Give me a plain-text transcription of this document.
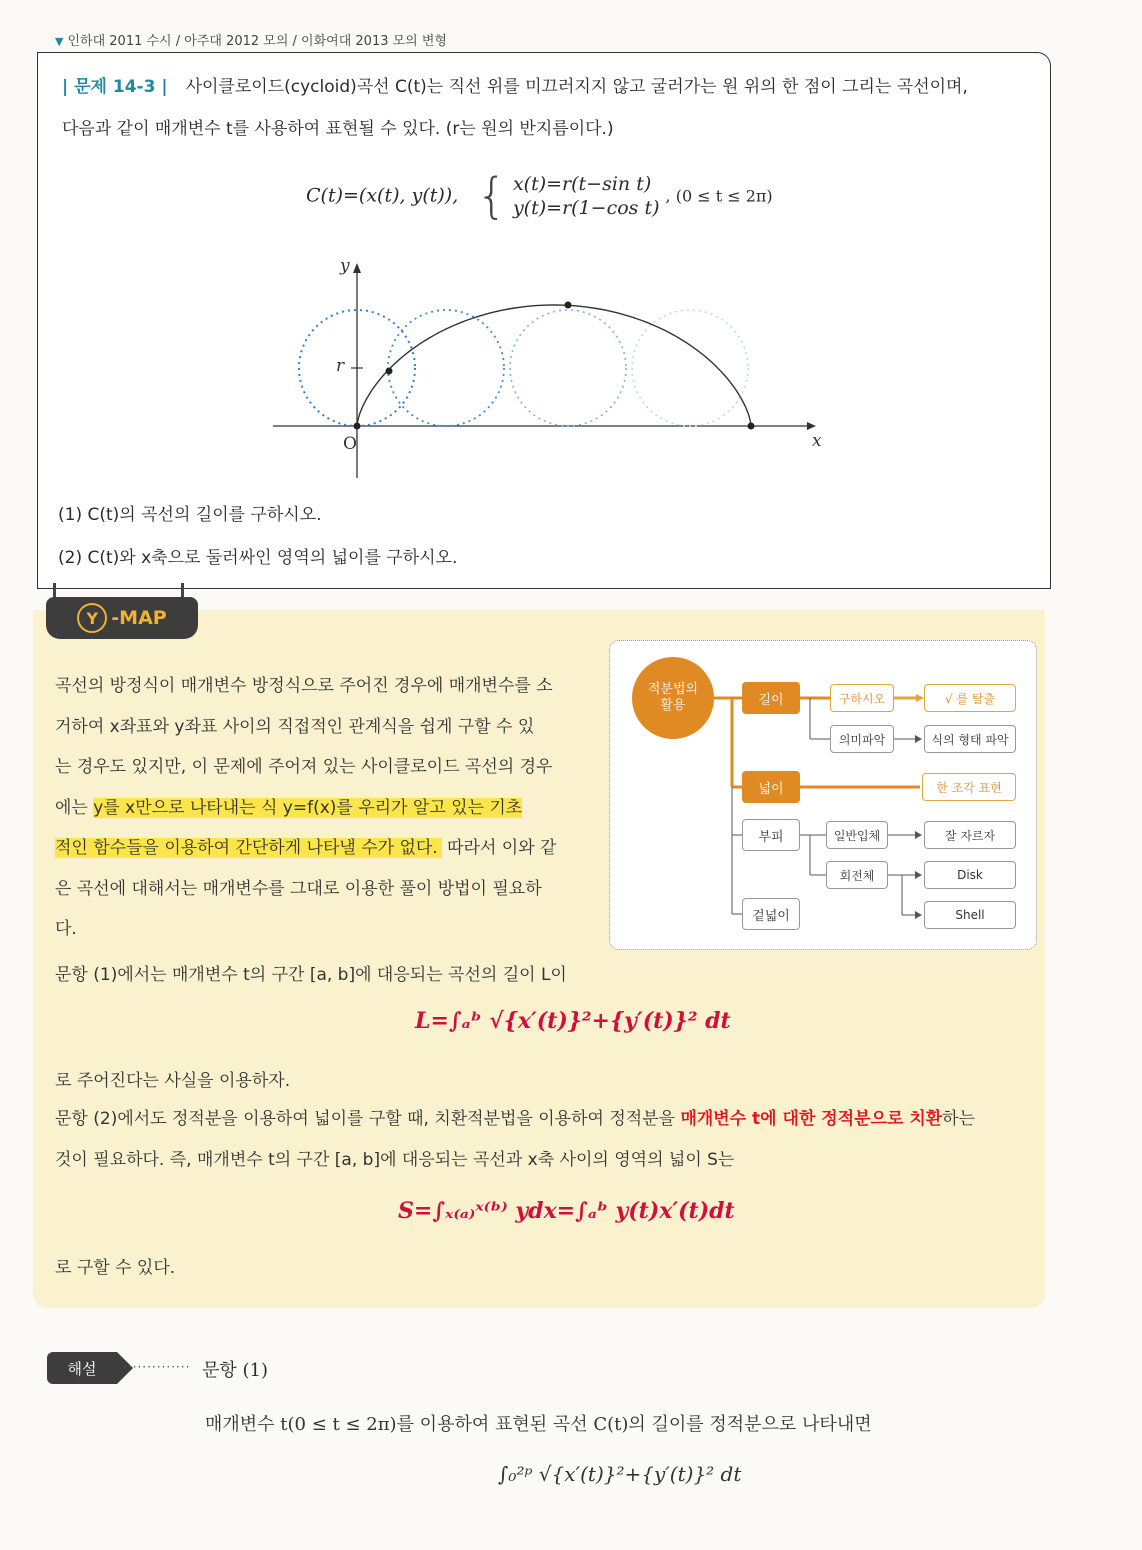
▼ 인하대 2011 수시 / 아주대 2012 모의 / 이화여대 2013 모의 변형
| 문제 14-3 | 사이클로이드(cycloid)곡선 C(t)는 직선 위를 미끄러지지 않고 굴러가는 원 위의 한 점이 그리는 곡선이며,
다음과 같이 매개변수 t를 사용하여 표현될 수 있다. (r는 원의 반지름이다.)
C(t)=(x(t), y(t)), { x(t)=r(t−sin t)
y(t)=r(1−cos t)
, (0 ≤ t ≤ 2π)
y
x
r
O
(1) C(t)의 곡선의 길이를 구하시오.
(2) C(t)와 x축으로 둘러싸인 영역의 넓이를 구하시오.
곡선의 방정식이 매개변수 방정식으로 주어진 경우에 매개변수를 소
거하여 x좌표와 y좌표 사이의 직접적인 관계식을 쉽게 구할 수 있
는 경우도 있지만, 이 문제에 주어져 있는 사이클로이드 곡선의 경우
에는 y를 x만으로 나타내는 식 y=f(x)를 우리가 알고 있는 기초
적인 함수들을 이용하여 간단하게 나타낼 수가 없다. 따라서 이와 같
은 곡선에 대해서는 매개변수를 그대로 이용한 풀이 방법이 필요하
다.
적분법의
활용	길이	구하시오	√ 를 탈출
의미파악	식의 형태 파악
넓이	한 조각 표현
부피	일반입체	잘 자르자
회전체	Disk
겉넓이	Shell
문항 (1)에서는 매개변수 t의 구간 [a, b]에 대응되는 곡선의 길이 L이
L=∫ₐᵇ √{x′(t)}²+{y′(t)}² dt
로 주어진다는 사실을 이용하자.
문항 (2)에서도 정적분을 이용하여 넓이를 구할 때, 치환적분법을 이용하여 정적분을 매개변수 t에 대한 정적분으로 치환하는
것이 필요하다. 즉, 매개변수 t의 구간 [a, b]에 대응되는 곡선과 x축 사이의 영역의 넓이 S는
S=∫ₓ₍ₐ₎ˣ⁽ᵇ⁾ ydx=∫ₐᵇ y(t)x′(t)dt
로 구할 수 있다.
Y -MAP
해설	·············· 문항 (1)
매개변수 t(0 ≤ t ≤ 2π)를 이용하여 표현된 곡선 C(t)의 길이를 정적분으로 나타내면
∫₀²ᵖ √{x′(t)}²+{y′(t)}² dt
